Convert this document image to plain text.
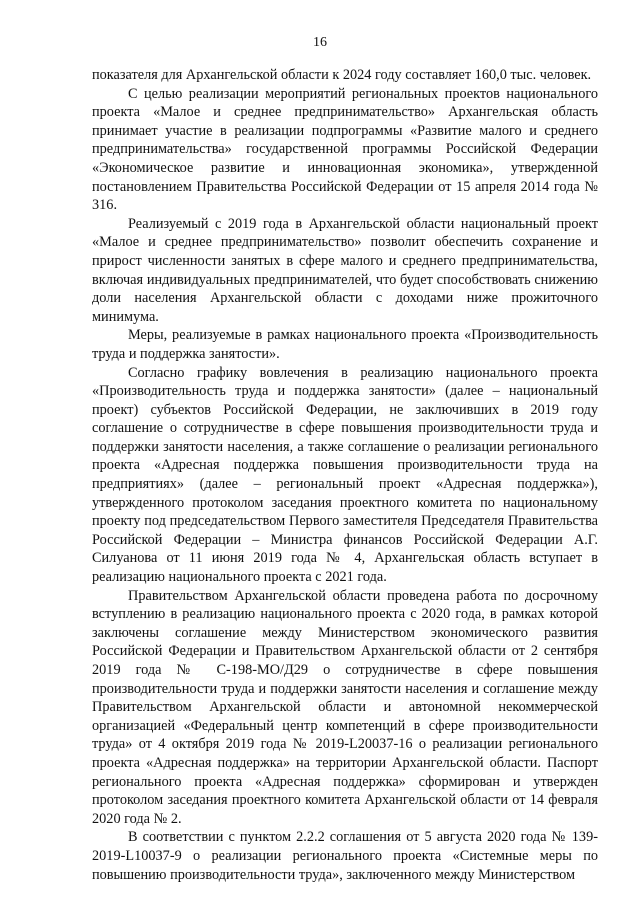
16

показателя для Архангельской области к 2024 году составляет 160,0 тыс. человек.

С целью реализации мероприятий региональных проектов национального проекта «Малое и среднее предпринимательство» Архангельская область принимает участие в реализации подпрограммы «Развитие малого и среднего предпринимательства» государственной программы Российской Федерации «Экономическое развитие и инновационная экономика», утвержденной постановлением Правительства Российской Федерации от 15 апреля 2014 года № 316.

Реализуемый с 2019 года в Архангельской области национальный проект «Малое и среднее предпринимательство» позволит обеспечить сохранение и прирост численности занятых в сфере малого и среднего предпринимательства, включая индивидуальных предпринимателей, что будет способствовать снижению доли населения Архангельской области с доходами ниже прожиточного минимума.

Меры, реализуемые в рамках национального проекта «Производительность труда и поддержка занятости».

Согласно графику вовлечения в реализацию национального проекта «Производительность труда и поддержка занятости» (далее – национальный проект) субъектов Российской Федерации, не заключивших в 2019 году соглашение о сотрудничестве в сфере повышения производительности труда и поддержки занятости населения, а также соглашение о реализации регионального проекта «Адресная поддержка повышения производительности труда на предприятиях» (далее – региональный проект «Адресная поддержка»), утвержденного протоколом заседания проектного комитета по национальному проекту под председательством Первого заместителя Председателя Правительства Российской Федерации – Министра финансов Российской Федерации А.Г. Силуанова от 11 июня 2019 года № 4, Архангельская область вступает в реализацию национального проекта с 2021 года.

Правительством Архангельской области проведена работа по досрочному вступлению в реализацию национального проекта с 2020 года, в рамках которой заключены соглашение между Министерством экономического развития Российской Федерации и Правительством Архангельской области от 2 сентября 2019 года № С-198-МО/Д29 о сотрудничестве в сфере повышения производительности труда и поддержки занятости населения и соглашение между Правительством Архангельской области и автономной некоммерческой организацией «Федеральный центр компетенций в сфере производительности труда» от 4 октября 2019 года № 2019-L20037-16 о реализации регионального проекта «Адресная поддержка» на территории Архангельской области. Паспорт регионального проекта «Адресная поддержка» сформирован и утвержден протоколом заседания проектного комитета Архангельской области от 14 февраля 2020 года № 2.

В соответствии с пунктом 2.2.2 соглашения от 5 августа 2020 года № 139-2019-L10037-9 о реализации регионального проекта «Системные меры по повышению производительности труда», заключенного между Министерством
